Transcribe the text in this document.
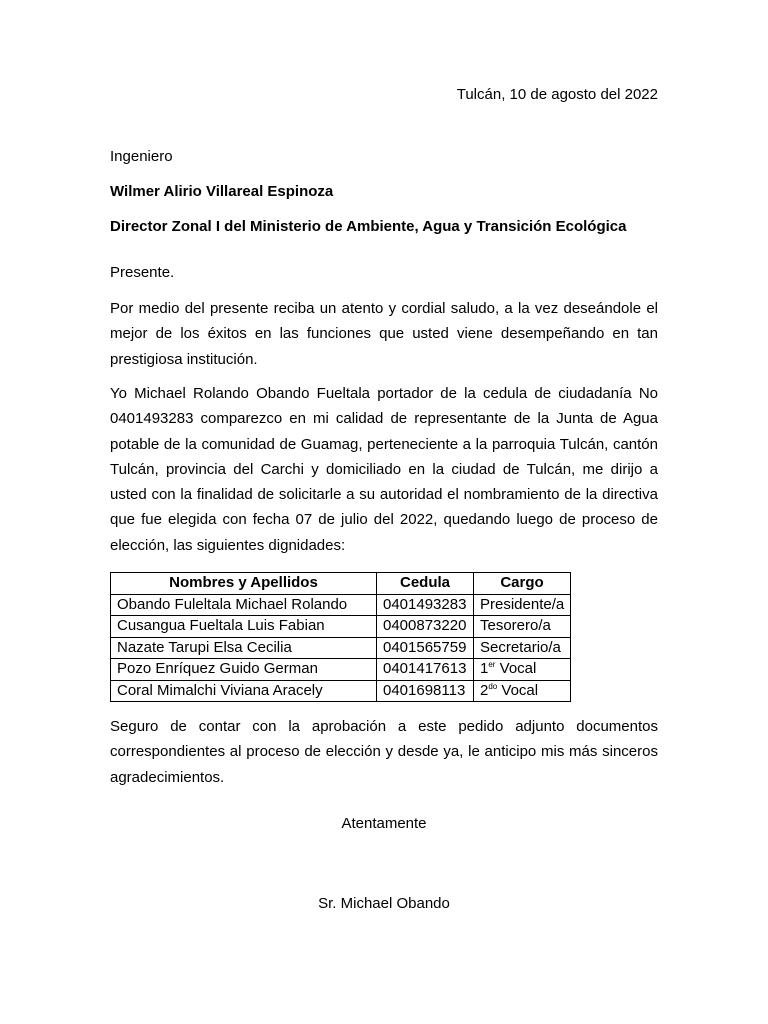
Tulcán, 10 de agosto del 2022
Ingeniero
Wilmer Alirio Villareal Espinoza
Director Zonal I del Ministerio de Ambiente, Agua y Transición Ecológica
Presente.
Por medio del presente reciba un atento y cordial saludo, a la vez deseándole el mejor de los éxitos en las funciones que usted viene desempeñando en tan prestigiosa institución.
Yo Michael Rolando Obando Fueltala portador de la cedula de ciudadanía No 0401493283 comparezco en mi calidad de representante de la Junta de Agua potable de la comunidad de Guamag, perteneciente a la parroquia Tulcán, cantón Tulcán, provincia del Carchi y domiciliado en la ciudad de Tulcán, me dirijo a usted con la finalidad de solicitarle a su autoridad el nombramiento de la directiva que fue elegida con fecha 07 de julio del 2022, quedando luego de proceso de elección, las siguientes dignidades:
Nombres y Apellidos	Cedula	Cargo
Obando Fuleltala Michael Rolando	0401493283	Presidente/a
Cusangua Fueltala Luis Fabian	0400873220	Tesorero/a
Nazate Tarupi Elsa Cecilia	0401565759	Secretario/a
Pozo Enríquez Guido German	0401417613	1er Vocal
Coral Mimalchi Viviana Aracely	0401698113	$2^{do}$ Vocal
Seguro de contar con la aprobación a este pedido adjunto documentos correspondientes al proceso de elección y desde ya, le anticipo mis más sinceros agradecimientos.
Atentamente
Sr. Michael Obando
